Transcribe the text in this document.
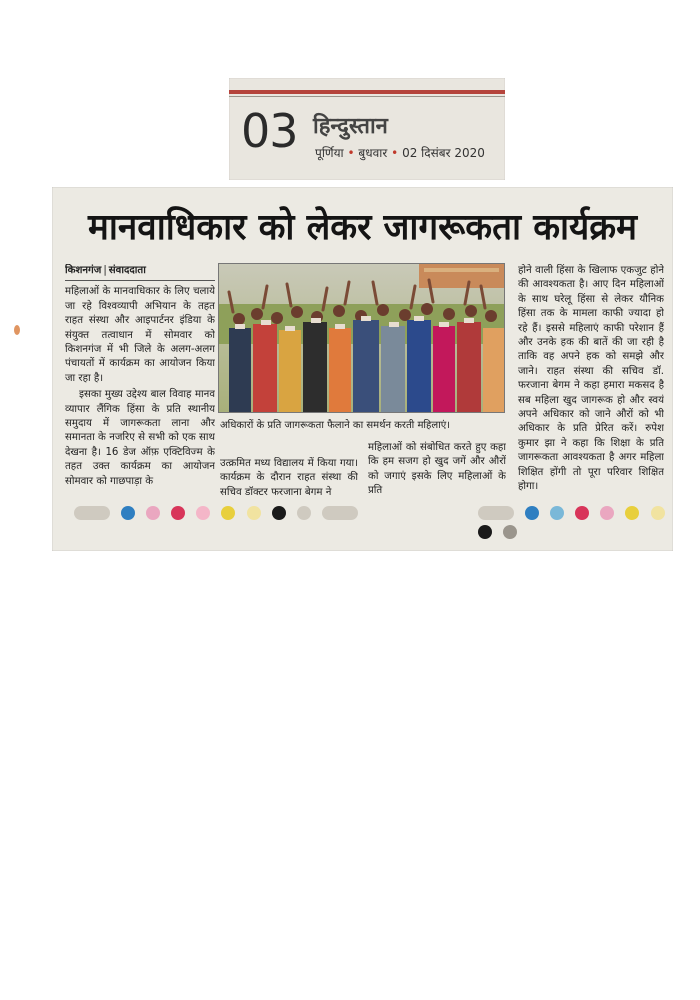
03 हिन्दुस्तान
पूर्णिया • बुधवार • 02 दिसंबर 2020
मानवाधिकार को लेकर जागरूकता कार्यक्रम
किशनगंज | संवाददाता

महिलाओं के मानवाधिकार के लिए चलाये जा रहे विश्वव्यापी अभियान के तहत राहत संस्था और आइपार्टनर इंडिया के संयुक्त तत्वाधान में सोमवार को किशनगंज में भी जिले के अलग-अलग पंचायतों में कार्यक्रम का आयोजन किया जा रहा है।

इसका मुख्य उद्देश्य बाल विवाह मानव व्यापार लैंगिक हिंसा के प्रति स्थानीय समुदाय में जागरूकता लाना और समानता के नजरिए से सभी को एक साथ देखना है। 16 डेज ऑफ़ एक्टिविज्म के तहत उक्त कार्यक्रम का आयोजन सोमवार को गाछपाड़ा के

अधिकारों के प्रति जागरूकता फैलाने का समर्थन करती महिलाएं।

उत्क्रमित मध्य विद्यालय में किया गया। कार्यक्रम के दौरान राहत संस्था की सचिव डॉक्टर फरजाना बेगम ने

महिलाओं को संबोधित करते हुए कहा कि हम सजग हो खुद जगें और औरों को जगाएं इसके लिए महिलाओं के प्रति

होने वाली हिंसा के खिलाफ एकजुट होने की आवश्यकता है। आए दिन महिलाओं के साथ घरेलू हिंसा से लेकर यौनिक हिंसा तक के मामला काफी ज्यादा हो रहे हैं। इससे महिलाएं काफी परेशान हैं और उनके हक की बातें की जा रही है ताकि वह अपने हक को समझे और जाने। राहत संस्था की सचिव डॉ. फरजाना बेगम ने कहा हमारा मकसद है सब महिला खुद जागरूक हो और स्वयं अपने अधिकार को जाने औरों को भी अधिकार के प्रति प्रेरित करें। रुपेश कुमार झा ने कहा कि शिक्षा के प्रति जागरूकता आवश्यकता है अगर महिला शिक्षित होंगी तो पूरा परिवार शिक्षित होगा।
